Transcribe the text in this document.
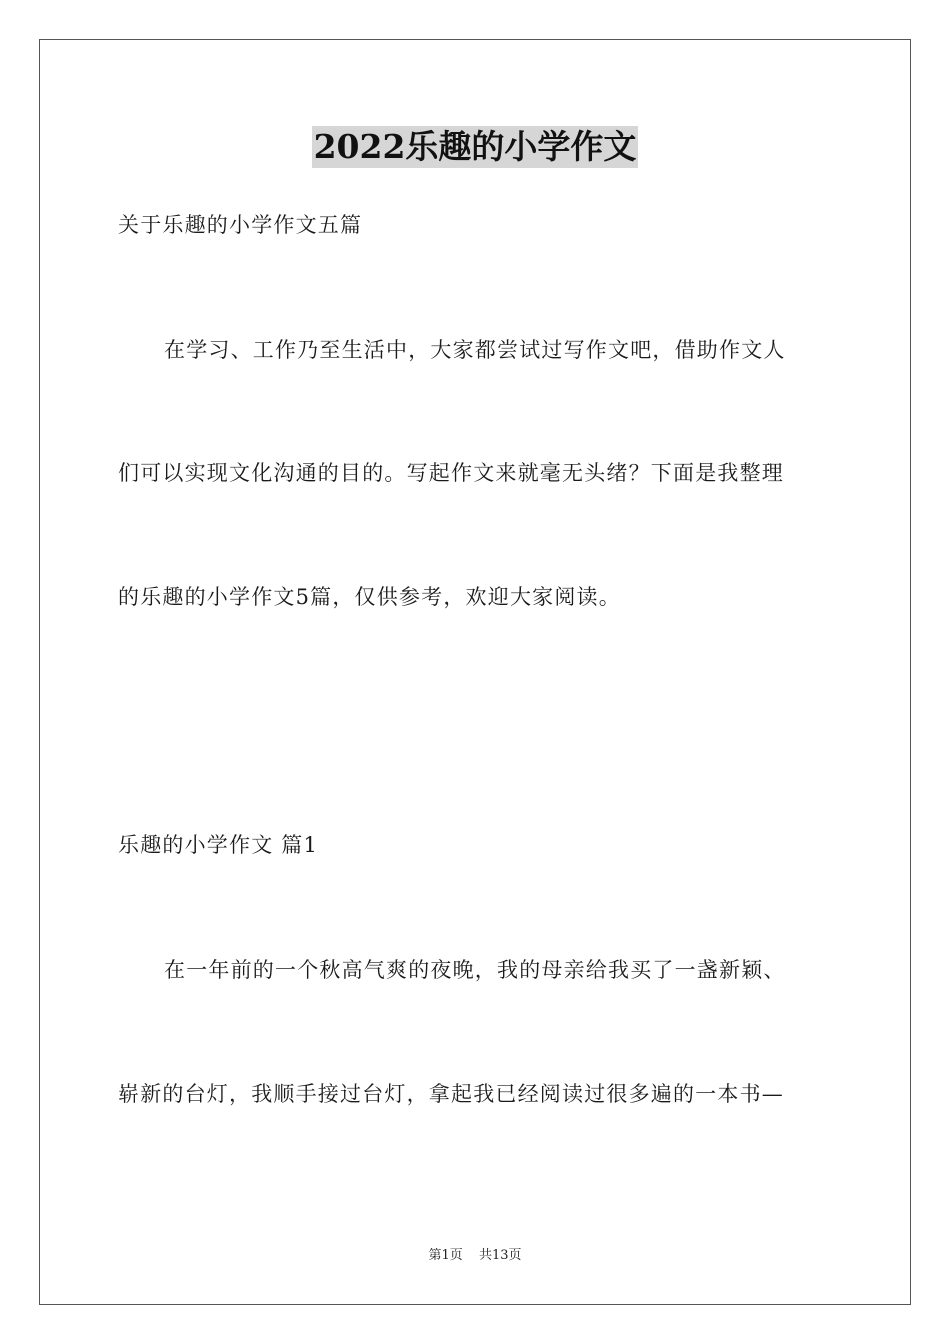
2022乐趣的小学作文
关于乐趣的小学作文五篇
在学习、工作乃至生活中，大家都尝试过写作文吧，借助作文人
们可以实现文化沟通的目的。写起作文来就毫无头绪？下面是我整理
的乐趣的小学作文5篇，仅供参考，欢迎大家阅读。
乐趣的小学作文 篇1
在一年前的一个秋高气爽的夜晚，我的母亲给我买了一盏新颖、
崭新的台灯，我顺手接过台灯，拿起我已经阅读过很多遍的一本书—
第1页 共13页
